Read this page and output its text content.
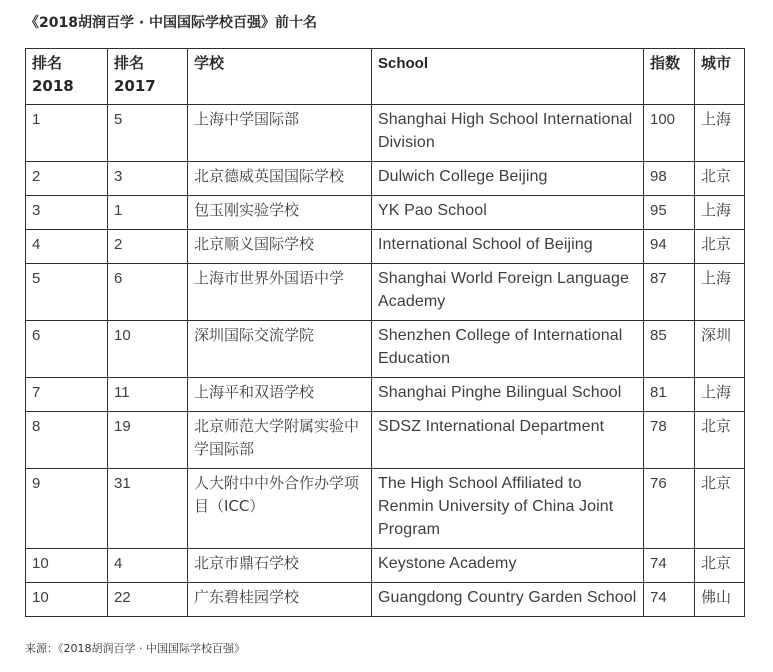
《2018胡润百学 · 中国国际学校百强》前十名
排名 2018	排名 2017	学校	School	指数	城市
1	5	上海中学国际部	Shanghai High School International Division	100	上海
2	3	北京德威英国国际学校	Dulwich College Beijing	98	北京
3	1	包玉刚实验学校	YK Pao School	95	上海
4	2	北京顺义国际学校	International School of Beijing	94	北京
5	6	上海市世界外国语中学	Shanghai World Foreign Language Academy	87	上海
6	10	深圳国际交流学院	Shenzhen College of International Education	85	深圳
7	11	上海平和双语学校	Shanghai Pinghe Bilingual School	81	上海
8	19	北京师范大学附属实验中学国际部	SDSZ International Department	78	北京
9	31	人大附中中外合作办学项目（ICC）	The High School Affiliated to Renmin University of China Joint Program	76	北京
10	4	北京市鼎石学校	Keystone Academy	74	北京
10	22	广东碧桂园学校	Guangdong Country Garden School	74	佛山
来源：《2018胡润百学 · 中国国际学校百强》
